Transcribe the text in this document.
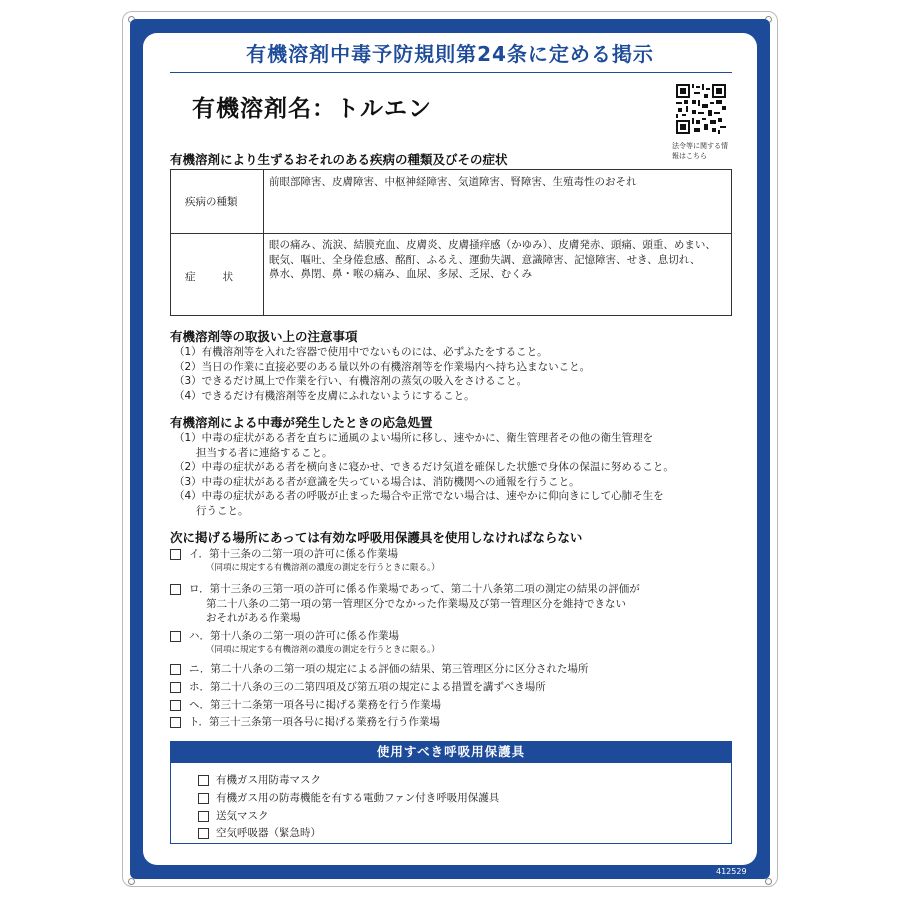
有機溶剤中毒予防規則第24条に定める掲示
有機溶剤名：トルエン
法令等に関する情報はこちら
有機溶剤により生ずるおそれのある疾病の種類及びその症状
疾病の種類
前眼部障害、皮膚障害、中枢神経障害、気道障害、腎障害、生殖毒性のおそれ
症　　状
眼の痛み、流涙、結膜充血、皮膚炎、皮膚掻痒感（かゆみ）、皮膚発赤、頭痛、頭重、めまい、
眠気、嘔吐、全身倦怠感、酩酊、ふるえ、運動失調、意識障害、記憶障害、せき、息切れ、
鼻水、鼻閉、鼻・喉の痛み、血尿、多尿、乏尿、むくみ
有機溶剤等の取扱い上の注意事項
（1）有機溶剤等を入れた容器で使用中でないものには、必ずふたをすること。
（2）当日の作業に直接必要のある量以外の有機溶剤等を作業場内へ持ち込まないこと。
（3）できるだけ風上で作業を行い、有機溶剤の蒸気の吸入をさけること。
（4）できるだけ有機溶剤等を皮膚にふれないようにすること。
有機溶剤による中毒が発生したときの応急処置
（1）中毒の症状がある者を直ちに通風のよい場所に移し、速やかに、衛生管理者その他の衛生管理を
担当する者に連絡すること。
（2）中毒の症状がある者を横向きに寝かせ、できるだけ気道を確保した状態で身体の保温に努めること。
（3）中毒の症状がある者が意識を失っている場合は、消防機関への通報を行うこと。
（4）中毒の症状がある者の呼吸が止まった場合や正常でない場合は、速やかに仰向きにして心肺そ生を
行うこと。
次に掲げる場所にあっては有効な呼吸用保護具を使用しなければならない
イ．第十三条の二第一項の許可に係る作業場
（同項に規定する有機溶剤の濃度の測定を行うときに限る。）
ロ．第十三条の三第一項の許可に係る作業場であって、第二十八条第二項の測定の結果の評価が
第二十八条の二第一項の第一管理区分でなかった作業場及び第一管理区分を維持できない
おそれがある作業場
ハ．第十八条の二第一項の許可に係る作業場
（同項に規定する有機溶剤の濃度の測定を行うときに限る。）
ニ．第二十八条の二第一項の規定による評価の結果、第三管理区分に区分された場所
ホ．第二十八条の三の二第四項及び第五項の規定による措置を講ずべき場所
ヘ．第三十二条第一項各号に掲げる業務を行う作業場
ト．第三十三条第一項各号に掲げる業務を行う作業場
使用すべき呼吸用保護具
有機ガス用防毒マスク
有機ガス用の防毒機能を有する電動ファン付き呼吸用保護具
送気マスク
空気呼吸器（緊急時）
412529
